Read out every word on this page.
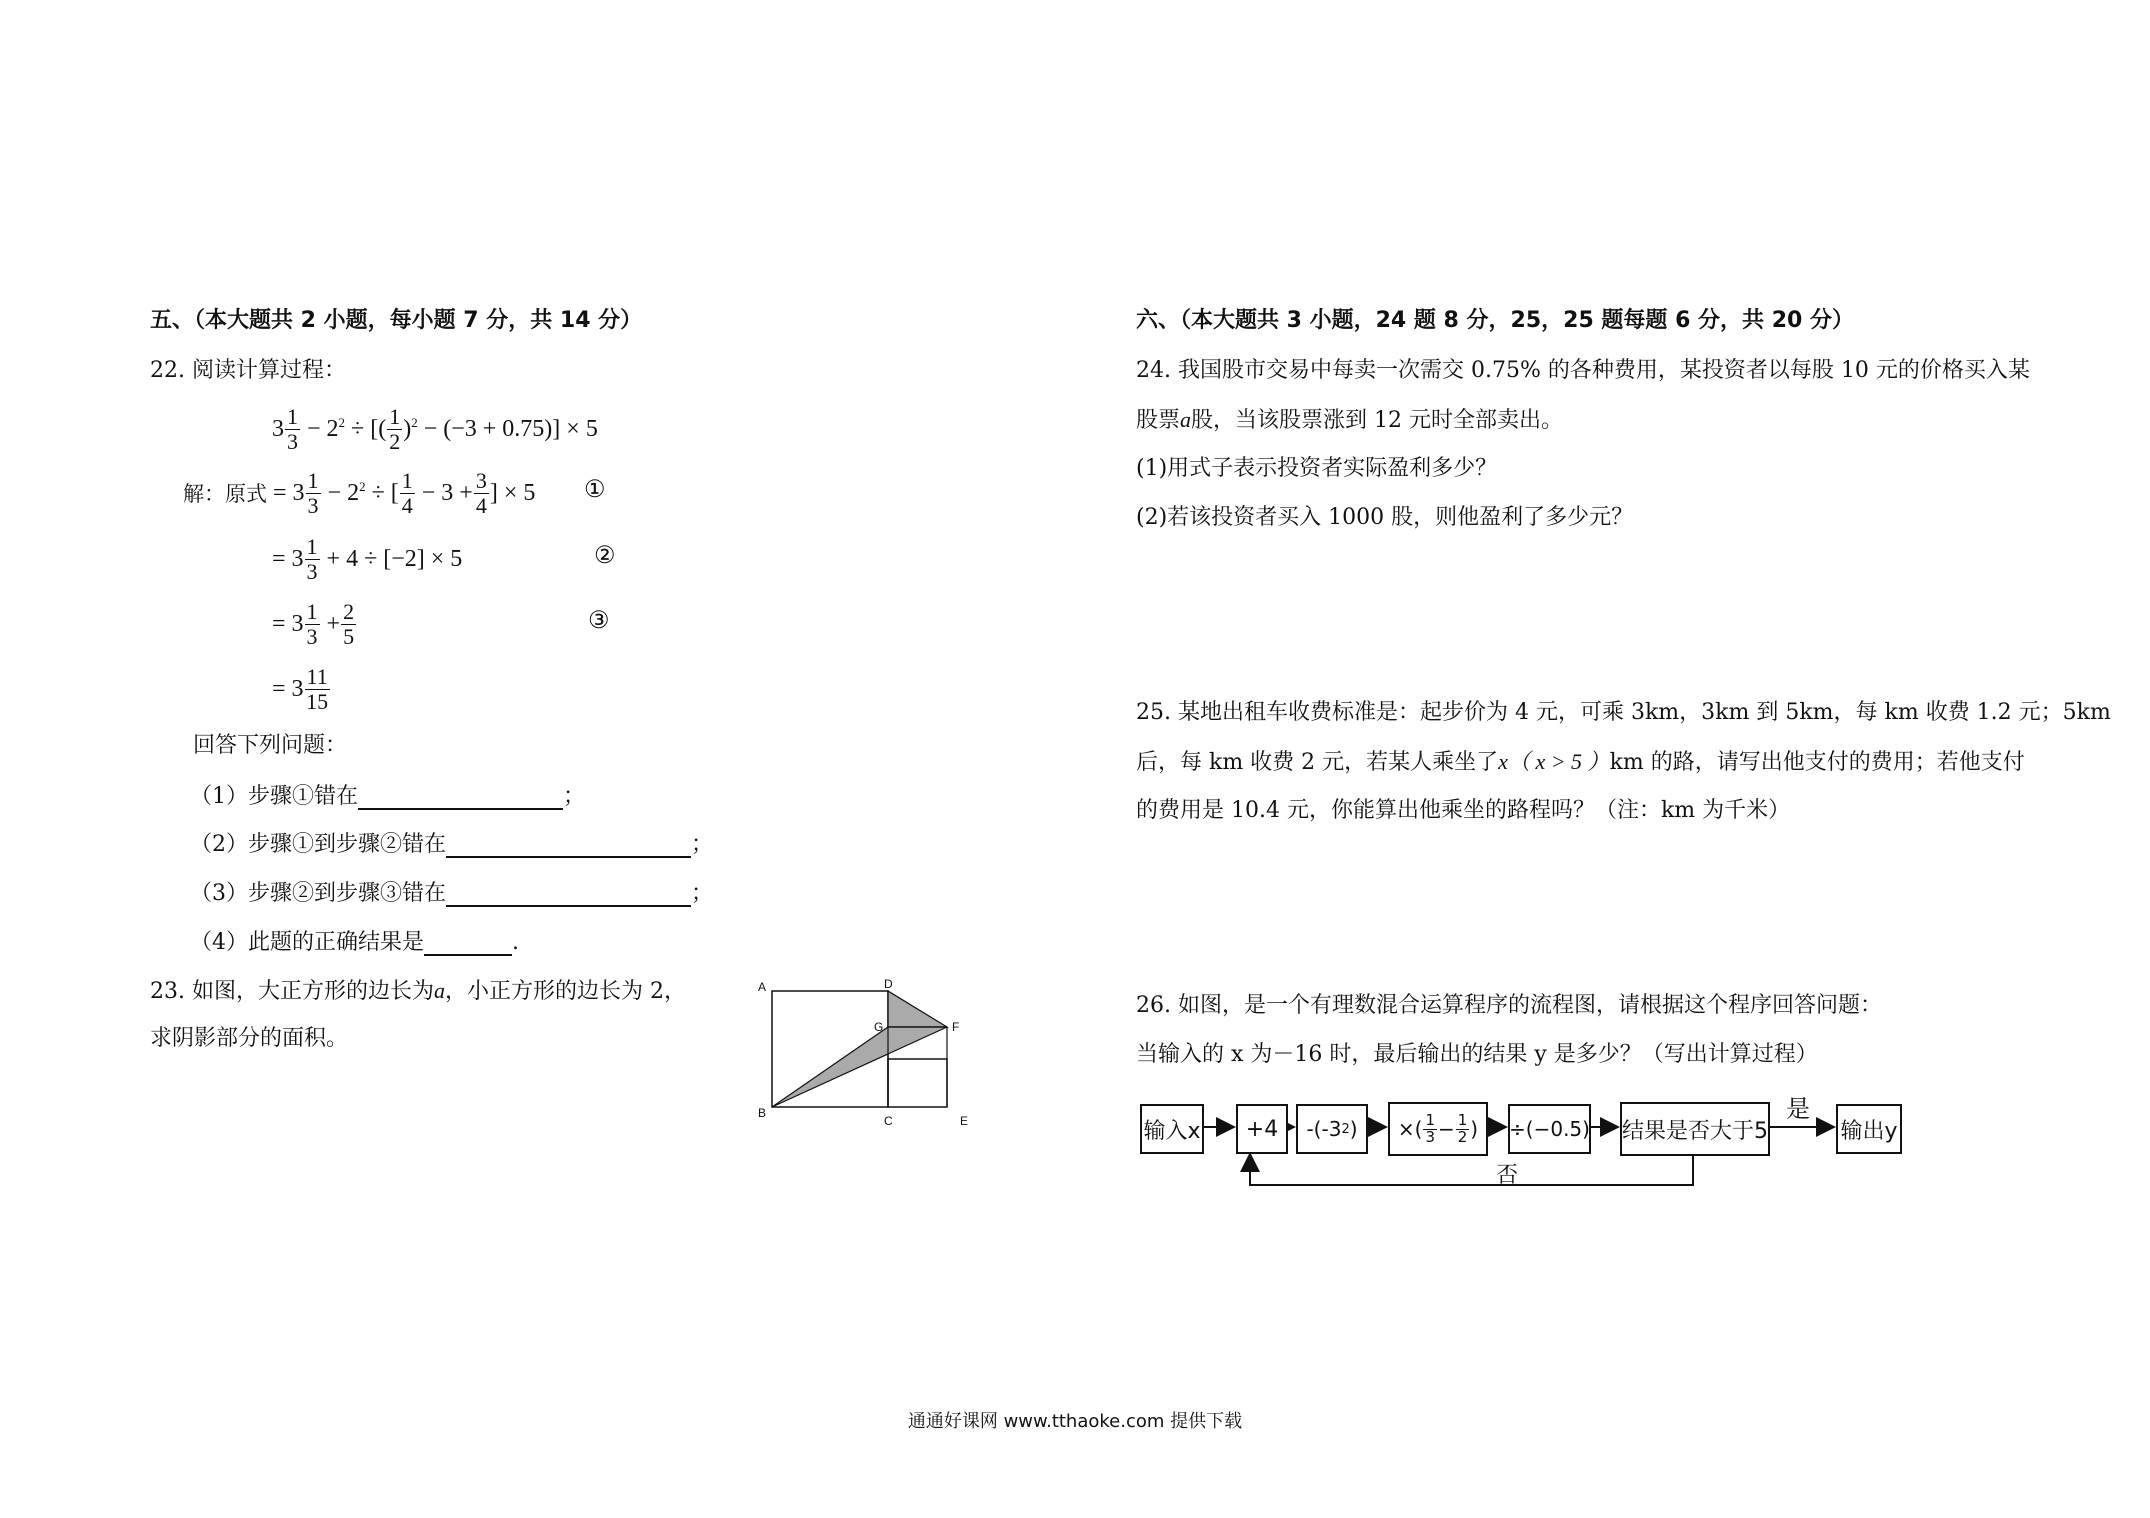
五、（本大题共 2 小题，每小题 7 分，共 14 分）
22. 阅读计算过程：
$3 \frac{1}{3} - 2^2$ ÷ [( $\frac{1}{2} )^2 - (-3 + 0.75)] \times 5$
解：原式 = $3 \frac{1}{3} - 2^2$ ÷ [ $\frac{1}{4} - 3 + \frac{3}{4}$ ] × 5 ①
= $3 \frac{1}{3} + 4 \div [-2] \times 5$	②
= $3 \frac{1}{3} + \frac{2}{5}$	③
= $3 \frac{11}{15}$
回答下列问题：
（1）步骤①错在	；
（2）步骤①到步骤②错在	；
（3）步骤②到步骤③错在	；
（4）此题的正确结果是	.
23. 如图，大正方形的边长为a，小正方形的边长为 2，
求阴影部分的面积。
A
B
C
D
E
F
G
六、（本大题共 3 小题，24 题 8 分，25，25 题每题 6 分，共 20 分）
24. 我国股市交易中每卖一次需交 0.75% 的各种费用，某投资者以每股 10 元的价格买入某
股票a股，当该股票涨到 12 元时全部卖出。
(1)用式子表示投资者实际盈利多少？
(2)若该投资者买入 1000 股，则他盈利了多少元？
25. 某地出租车收费标准是：起步价为 4 元，可乘 3km，3km 到 5km，每 km 收费 1.2 元；5km
后，每 km 收费 2 元，若某人乘坐了x（ x > 5 ）km 的路，请写出他支付的费用；若他支付
的费用是 10.4 元，你能算出他乘坐的路程吗？（注：km 为千米）
26. 如图，是一个有理数混合运算程序的流程图，请根据这个程序回答问题：
当输入的 x 为－16 时，最后输出的结果 y 是多少？（写出计算过程）
输入x	+4	-(-3 2 ) ×( $\frac{1}{3} - \frac{1}{2}$ ) ÷(−0.5) 结果是否大于5
是
否
输出y
通通好课网 www.tthaoke.com 提供下载
